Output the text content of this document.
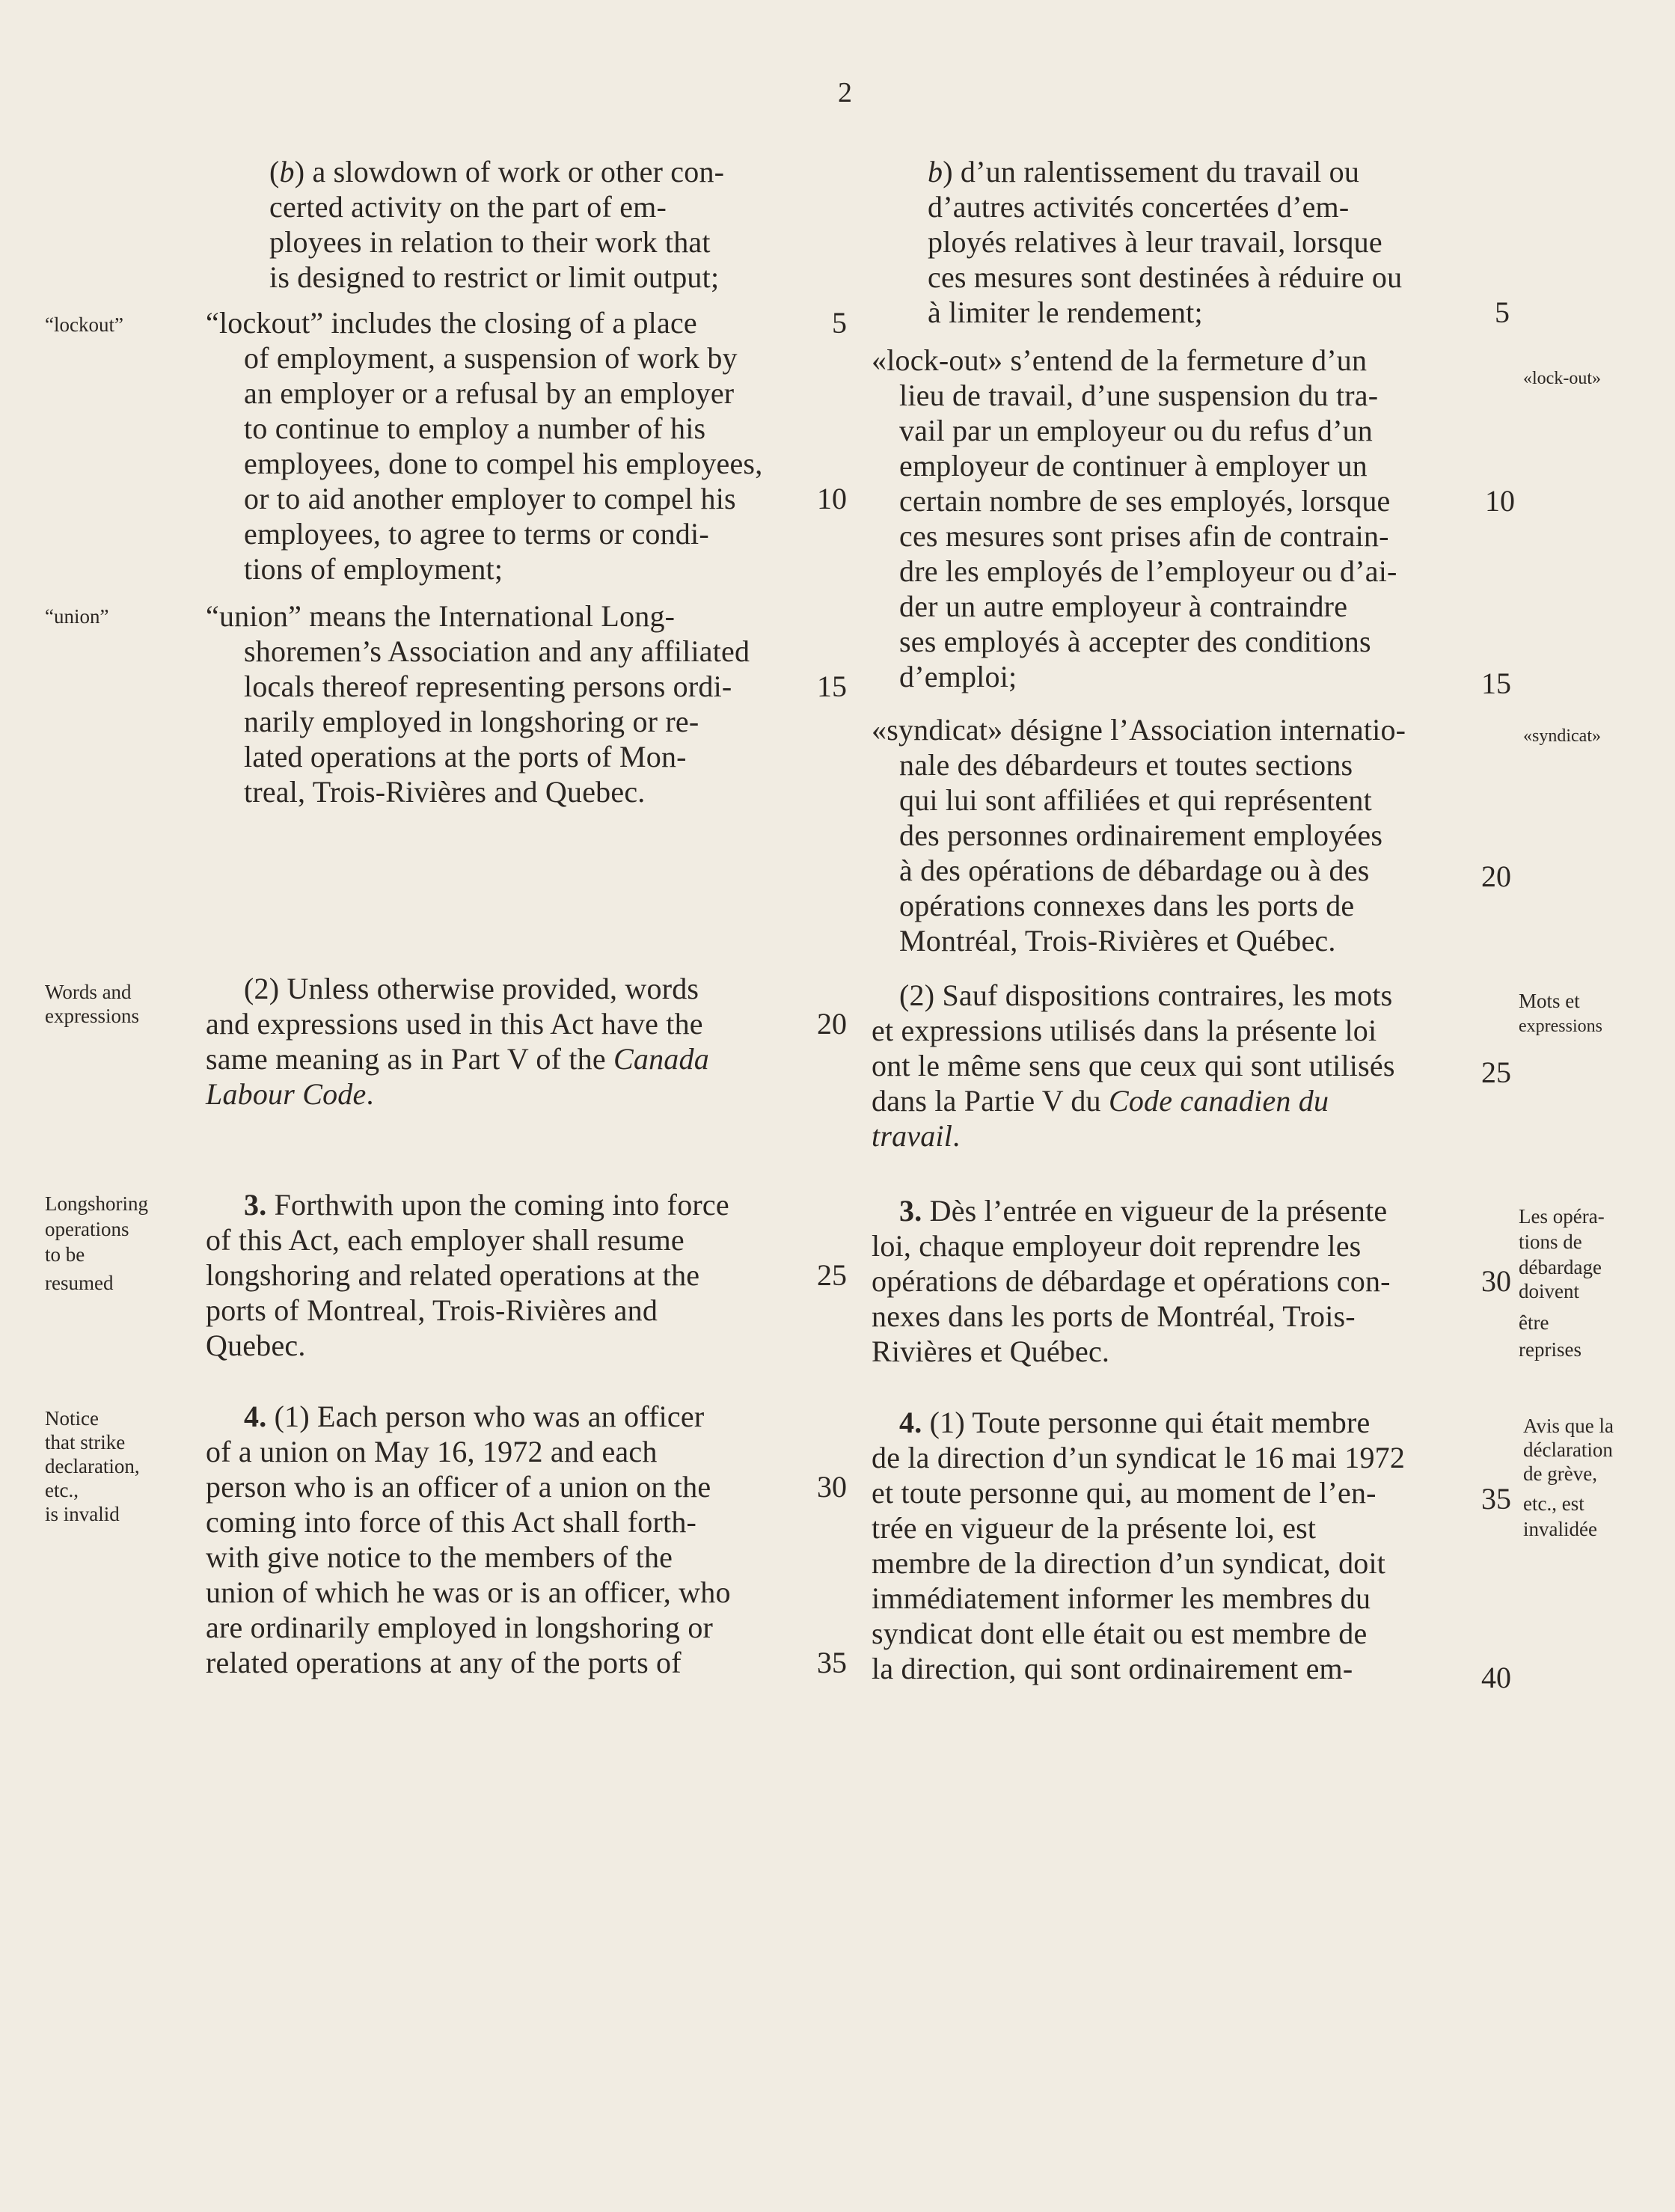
2
“lockout”
“union”
Words and
expressions
Longshoring
operations
to be
resumed
Notice
that strike
declaration,
etc.,
is invalid
(b) a slowdown of work or other con-
certed activity on the part of em-
ployees in relation to their work that
is designed to restrict or limit output;
“lockout” includes the closing of a place
of employment, a suspension of work by
an employer or a refusal by an employer
to continue to employ a number of his
employees, done to compel his employees,
or to aid another employer to compel his
employees, to agree to terms or condi-
tions of employment;
“union” means the International Long-
shoremen’s Association and any affiliated
locals thereof representing persons ordi-
narily employed in longshoring or re-
lated operations at the ports of Mon-
treal, Trois-Rivières and Quebec.
(2) Unless otherwise provided, words
and expressions used in this Act have the
same meaning as in Part V of the Canada
Labour Code.
3. Forthwith upon the coming into force
of this Act, each employer shall resume
longshoring and related operations at the
ports of Montreal, Trois-Rivières and
Quebec.
4. (1) Each person who was an officer
of a union on May 16, 1972 and each
person who is an officer of a union on the
coming into force of this Act shall forth-
with give notice to the members of the
union of which he was or is an officer, who
are ordinarily employed in longshoring or
related operations at any of the ports of
5
10
15
20
25
30
35
b) d’un ralentissement du travail ou
d’autres activités concertées d’em-
ployés relatives à leur travail, lorsque
ces mesures sont destinées à réduire ou
à limiter le rendement;
«lock-out» s’entend de la fermeture d’un
lieu de travail, d’une suspension du tra-
vail par un employeur ou du refus d’un
employeur de continuer à employer un
certain nombre de ses employés, lorsque
ces mesures sont prises afin de contrain-
dre les employés de l’employeur ou d’ai-
der un autre employeur à contraindre
ses employés à accepter des conditions
d’emploi;
«syndicat» désigne l’Association internatio-
nale des débardeurs et toutes sections
qui lui sont affiliées et qui représentent
des personnes ordinairement employées
à des opérations de débardage ou à des
opérations connexes dans les ports de
Montréal, Trois-Rivières et Québec.
(2) Sauf dispositions contraires, les mots
et expressions utilisés dans la présente loi
ont le même sens que ceux qui sont utilisés
dans la Partie V du Code canadien du
travail.
3. Dès l’entrée en vigueur de la présente
loi, chaque employeur doit reprendre les
opérations de débardage et opérations con-
nexes dans les ports de Montréal, Trois-
Rivières et Québec.
4. (1) Toute personne qui était membre
de la direction d’un syndicat le 16 mai 1972
et toute personne qui, au moment de l’en-
trée en vigueur de la présente loi, est
membre de la direction d’un syndicat, doit
immédiatement informer les membres du
syndicat dont elle était ou est membre de
la direction, qui sont ordinairement em-
5
10
15
20
25
30
35
40
«lock-out»
«syndicat»
Mots et
expressions
Les opéra-
tions de
débardage
doivent
être
reprises
Avis que la
déclaration
de grève,
etc., est
invalidée
